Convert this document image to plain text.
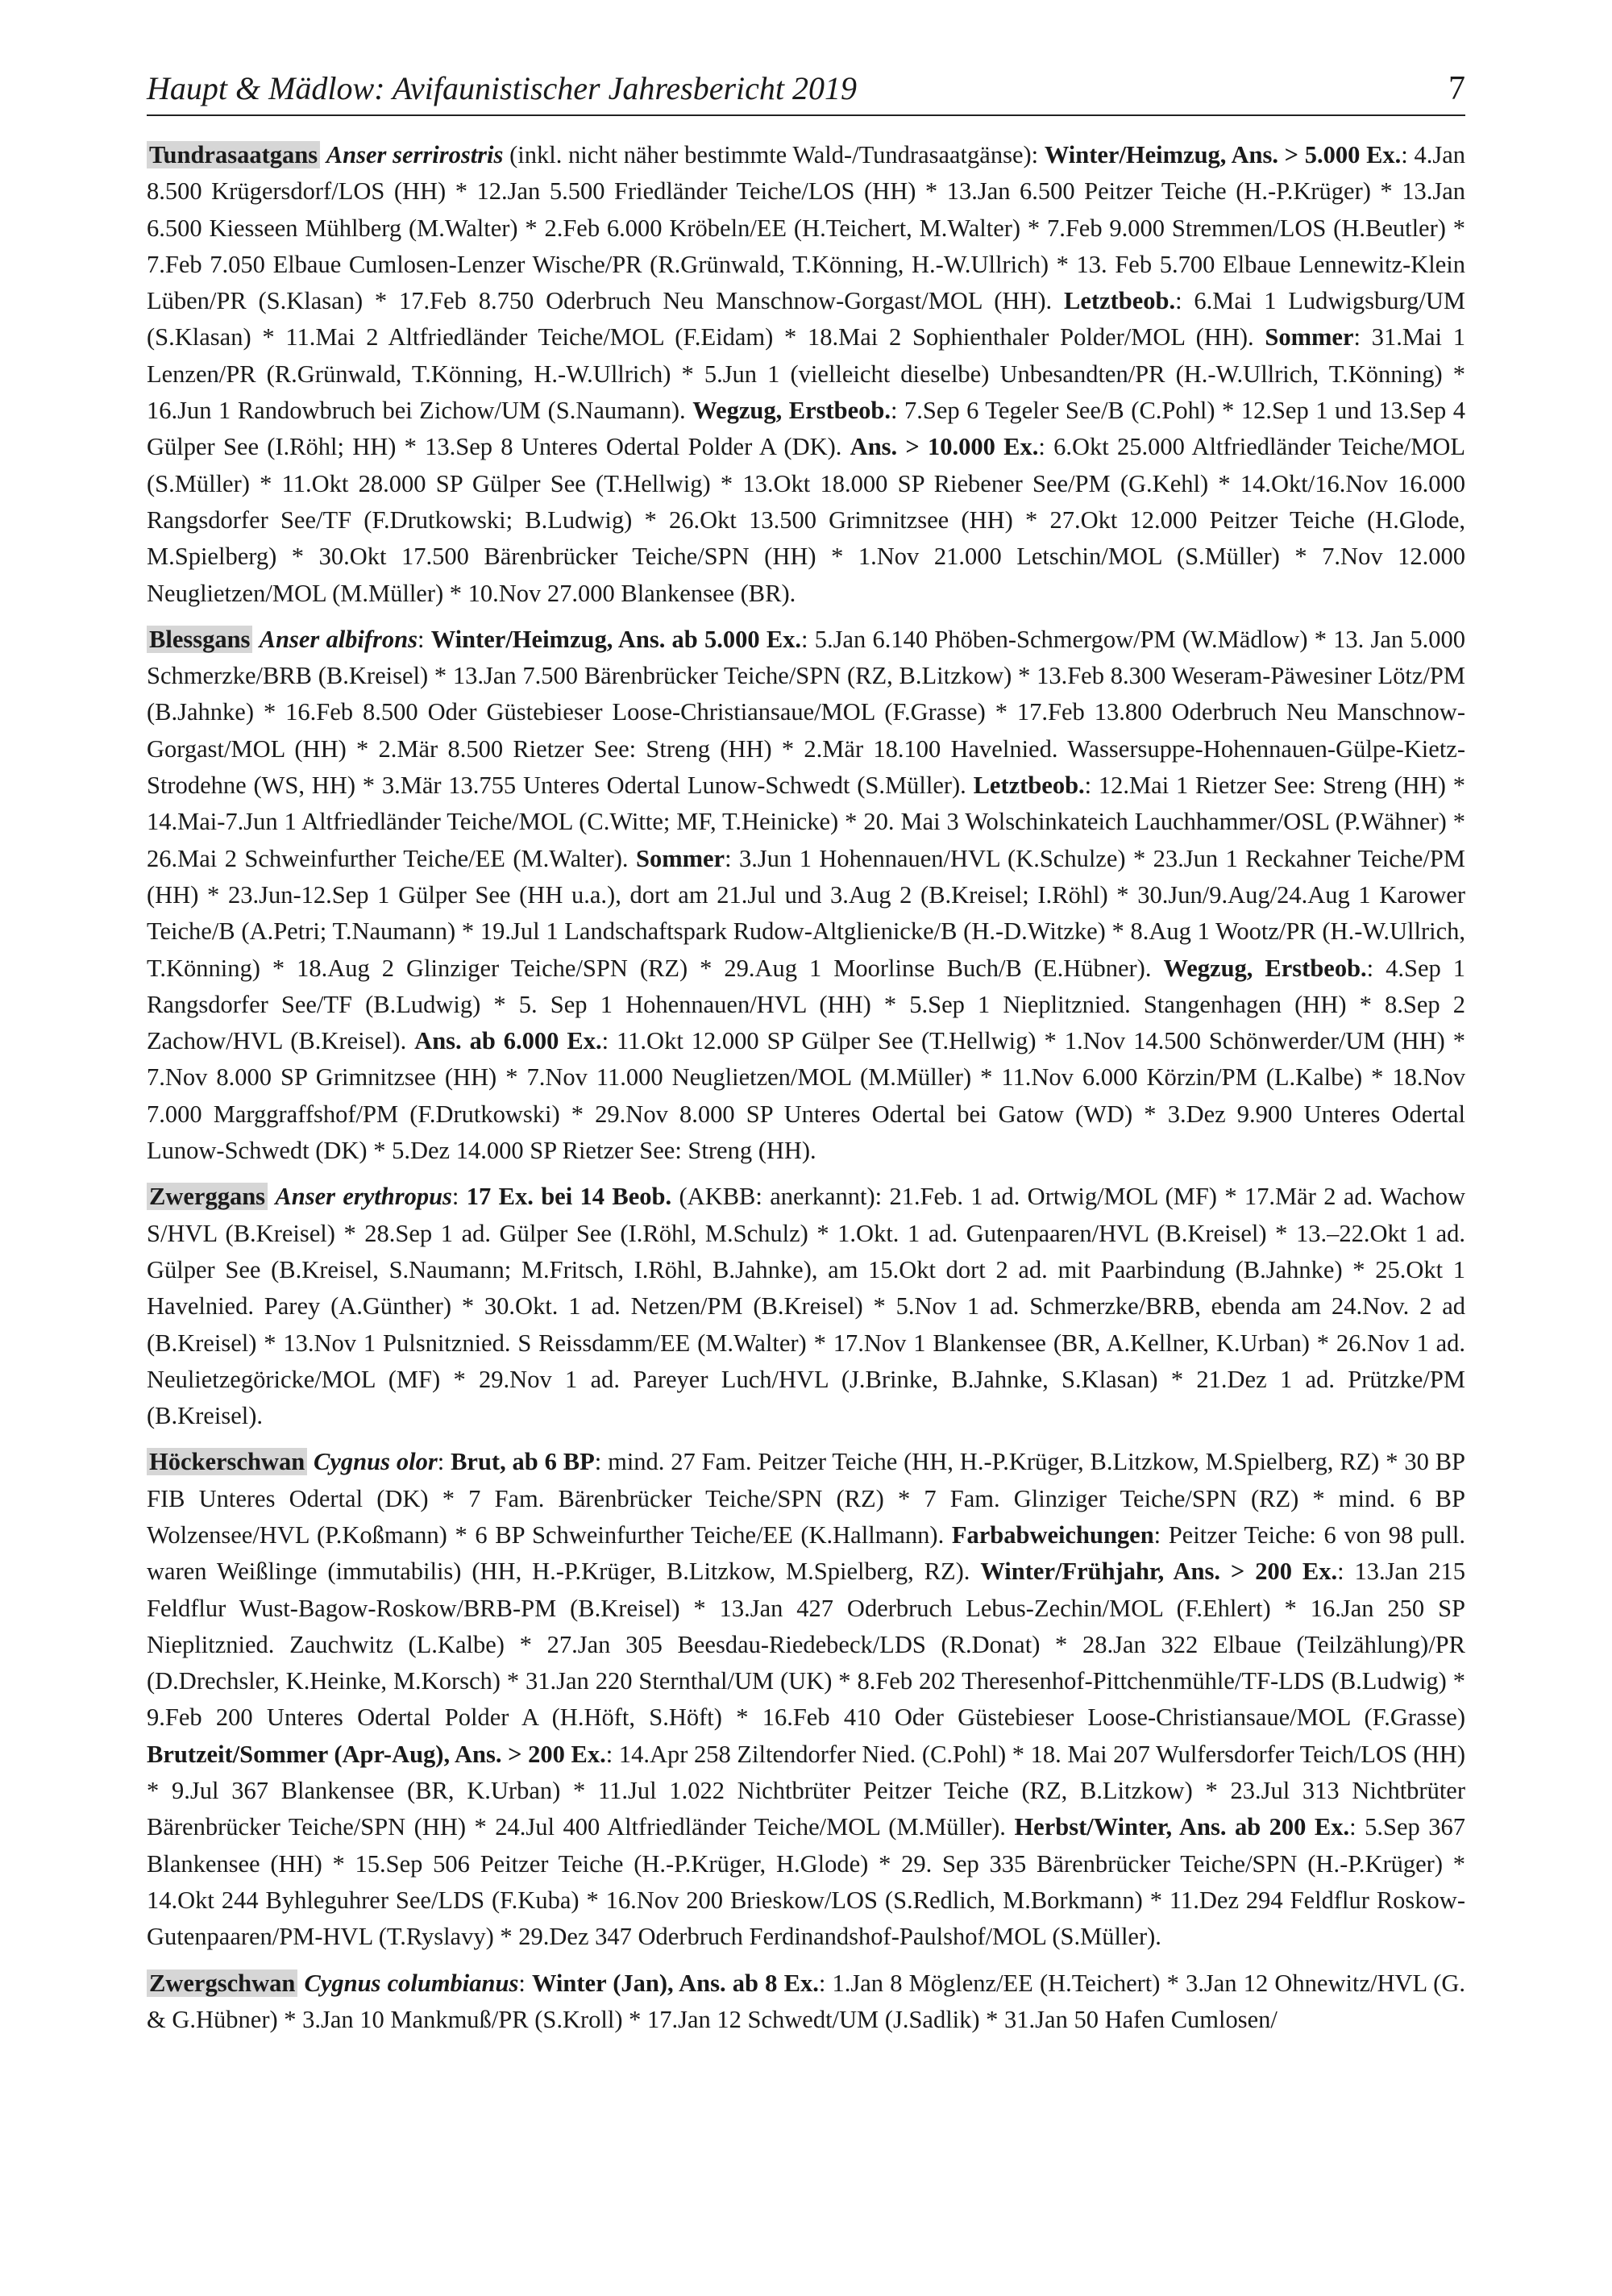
Haupt & Mädlow: Avifaunistischer Jahresbericht 2019	7

Tundrasaatgans Anser serrirostris (inkl. nicht näher bestimmte Wald-/Tundrasaatgänse): Winter/Heimzug, Ans. > 5.000 Ex.: 4.Jan 8.500 Krügersdorf/LOS (HH) * 12.Jan 5.500 Friedländer Teiche/LOS (HH) * 13.Jan 6.500 Peitzer Teiche (H.-P.Krüger) * 13.Jan 6.500 Kiesseen Mühlberg (M.Walter) * 2.Feb 6.000 Kröbeln/EE (H.Teichert, M.Walter) * 7.Feb 9.000 Stremmen/LOS (H.Beutler) * 7.Feb 7.050 Elbaue Cumlosen-Lenzer Wische/PR (R.Grünwald, T.Könning, H.-W.Ullrich) * 13. Feb 5.700 Elbaue Lennewitz-Klein Lüben/PR (S.Klasan) * 17.Feb 8.750 Oderbruch Neu Manschnow-Gorgast/MOL (HH). Letztbeob.: 6.Mai 1 Ludwigsburg/UM (S.Klasan) * 11.Mai 2 Altfriedländer Teiche/MOL (F.Eidam) * 18.Mai 2 Sophienthaler Polder/MOL (HH). Sommer: 31.Mai 1 Lenzen/PR (R.Grünwald, T.Könning, H.-W.Ullrich) * 5.Jun 1 (vielleicht dieselbe) Unbesandten/PR (H.-W.Ullrich, T.Könning) * 16.Jun 1 Randowbruch bei Zichow/UM (S.Naumann). Wegzug, Erstbeob.: 7.Sep 6 Tegeler See/B (C.Pohl) * 12.Sep 1 und 13.Sep 4 Gülper See (I.Röhl; HH) * 13.Sep 8 Unteres Odertal Polder A (DK). Ans. > 10.000 Ex.: 6.Okt 25.000 Altfriedländer Teiche/MOL (S.Müller) * 11.Okt 28.000 SP Gülper See (T.Hellwig) * 13.Okt 18.000 SP Riebener See/PM (G.Kehl) * 14.Okt/16.Nov 16.000 Rangsdorfer See/TF (F.Drutkowski; B.Ludwig) * 26.Okt 13.500 Grimnitzsee (HH) * 27.Okt 12.000 Peitzer Teiche (H.Glode, M.Spielberg) * 30.Okt 17.500 Bärenbrücker Teiche/SPN (HH) * 1.Nov 21.000 Letschin/MOL (S.Müller) * 7.Nov 12.000 Neuglietzen/MOL (M.Müller) * 10.Nov 27.000 Blankensee (BR).

Blessgans Anser albifrons: Winter/Heimzug, Ans. ab 5.000 Ex.: 5.Jan 6.140 Phöben-Schmergow/PM (W.Mädlow) * 13. Jan 5.000 Schmerzke/BRB (B.Kreisel) * 13.Jan 7.500 Bärenbrücker Teiche/SPN (RZ, B.Litzkow) * 13.Feb 8.300 Weseram-Päwesiner Lötz/PM (B.Jahnke) * 16.Feb 8.500 Oder Güstebieser Loose-Christiansaue/MOL (F.Grasse) * 17.Feb 13.800 Oderbruch Neu Manschnow-Gorgast/MOL (HH) * 2.Mär 8.500 Rietzer See: Streng (HH) * 2.Mär 18.100 Havelnied. Wassersuppe-Hohennauen-Gülpe-Kietz-Strodehne (WS, HH) * 3.Mär 13.755 Unteres Odertal Lunow-Schwedt (S.Müller). Letztbeob.: 12.Mai 1 Rietzer See: Streng (HH) * 14.Mai-7.Jun 1 Altfriedländer Teiche/MOL (C.Witte; MF, T.Heinicke) * 20. Mai 3 Wolschinkateich Lauchhammer/OSL (P.Wähner) * 26.Mai 2 Schweinfurther Teiche/EE (M.Walter). Sommer: 3.Jun 1 Hohennauen/HVL (K.Schulze) * 23.Jun 1 Reckahner Teiche/PM (HH) * 23.Jun-12.Sep 1 Gülper See (HH u.a.), dort am 21.Jul und 3.Aug 2 (B.Kreisel; I.Röhl) * 30.Jun/9.Aug/24.Aug 1 Karower Teiche/B (A.Petri; T.Naumann) * 19.Jul 1 Landschaftspark Rudow-Altglienicke/B (H.-D.Witzke) * 8.Aug 1 Wootz/PR (H.-W.Ullrich, T.Könning) * 18.Aug 2 Glinziger Teiche/SPN (RZ) * 29.Aug 1 Moorlinse Buch/B (E.Hübner). Wegzug, Erstbeob.: 4.Sep 1 Rangsdorfer See/TF (B.Ludwig) * 5. Sep 1 Hohennauen/HVL (HH) * 5.Sep 1 Nieplitznied. Stangenhagen (HH) * 8.Sep 2 Zachow/HVL (B.Kreisel). Ans. ab 6.000 Ex.: 11.Okt 12.000 SP Gülper See (T.Hellwig) * 1.Nov 14.500 Schönwerder/UM (HH) * 7.Nov 8.000 SP Grimnitzsee (HH) * 7.Nov 11.000 Neuglietzen/MOL (M.Müller) * 11.Nov 6.000 Körzin/PM (L.Kalbe) * 18.Nov 7.000 Marggraffshof/PM (F.Drutkowski) * 29.Nov 8.000 SP Unteres Odertal bei Gatow (WD) * 3.Dez 9.900 Unteres Odertal Lunow-Schwedt (DK) * 5.Dez 14.000 SP Rietzer See: Streng (HH).

Zwerggans Anser erythropus: 17 Ex. bei 14 Beob. (AKBB: anerkannt): 21.Feb. 1 ad. Ortwig/MOL (MF) * 17.Mär 2 ad. Wachow S/HVL (B.Kreisel) * 28.Sep 1 ad. Gülper See (I.Röhl, M.Schulz) * 1.Okt. 1 ad. Gutenpaaren/HVL (B.Kreisel) * 13.–22.Okt 1 ad. Gülper See (B.Kreisel, S.Naumann; M.Fritsch, I.Röhl, B.Jahnke), am 15.Okt dort 2 ad. mit Paarbindung (B.Jahnke) * 25.Okt 1 Havelnied. Parey (A.Günther) * 30.Okt. 1 ad. Netzen/PM (B.Kreisel) * 5.Nov 1 ad. Schmerzke/BRB, ebenda am 24.Nov. 2 ad (B.Kreisel) * 13.Nov 1 Pulsnitznied. S Reissdamm/EE (M.Walter) * 17.Nov 1 Blankensee (BR, A.Kellner, K.Urban) * 26.Nov 1 ad. Neulietzegöricke/MOL (MF) * 29.Nov 1 ad. Pareyer Luch/HVL (J.Brinke, B.Jahnke, S.Klasan) * 21.Dez 1 ad. Prützke/PM (B.Kreisel).

Höckerschwan Cygnus olor: Brut, ab 6 BP: mind. 27 Fam. Peitzer Teiche (HH, H.-P.Krüger, B.Litzkow, M.Spielberg, RZ) * 30 BP FIB Unteres Odertal (DK) * 7 Fam. Bärenbrücker Teiche/SPN (RZ) * 7 Fam. Glinziger Teiche/SPN (RZ) * mind. 6 BP Wolzensee/HVL (P.Koßmann) * 6 BP Schweinfurther Teiche/EE (K.Hallmann). Farbabweichungen: Peitzer Teiche: 6 von 98 pull. waren Weißlinge (immutabilis) (HH, H.-P.Krüger, B.Litzkow, M.Spielberg, RZ). Winter/Frühjahr, Ans. > 200 Ex.: 13.Jan 215 Feldflur Wust-Bagow-Roskow/BRB-PM (B.Kreisel) * 13.Jan 427 Oderbruch Lebus-Zechin/MOL (F.Ehlert) * 16.Jan 250 SP Nieplitznied. Zauchwitz (L.Kalbe) * 27.Jan 305 Beesdau-Riedebeck/LDS (R.Donat) * 28.Jan 322 Elbaue (Teilzählung)/PR (D.Drechsler, K.Heinke, M.Korsch) * 31.Jan 220 Sternthal/UM (UK) * 8.Feb 202 Theresenhof-Pittchenmühle/TF-LDS (B.Ludwig) * 9.Feb 200 Unteres Odertal Polder A (H.Höft, S.Höft) * 16.Feb 410 Oder Güstebieser Loose-Christiansaue/MOL (F.Grasse) Brutzeit/Sommer (Apr-Aug), Ans. > 200 Ex.: 14.Apr 258 Ziltendorfer Nied. (C.Pohl) * 18. Mai 207 Wulfersdorfer Teich/LOS (HH) * 9.Jul 367 Blankensee (BR, K.Urban) * 11.Jul 1.022 Nichtbrüter Peitzer Teiche (RZ, B.Litzkow) * 23.Jul 313 Nichtbrüter Bärenbrücker Teiche/SPN (HH) * 24.Jul 400 Altfriedländer Teiche/MOL (M.Müller). Herbst/Winter, Ans. ab 200 Ex.: 5.Sep 367 Blankensee (HH) * 15.Sep 506 Peitzer Teiche (H.-P.Krüger, H.Glode) * 29. Sep 335 Bärenbrücker Teiche/SPN (H.-P.Krüger) * 14.Okt 244 Byhleguhrer See/LDS (F.Kuba) * 16.Nov 200 Brieskow/LOS (S.Redlich, M.Borkmann) * 11.Dez 294 Feldflur Roskow-Gutenpaaren/PM-HVL (T.Ryslavy) * 29.Dez 347 Oderbruch Ferdinandshof-Paulshof/MOL (S.Müller).

Zwergschwan Cygnus columbianus: Winter (Jan), Ans. ab 8 Ex.: 1.Jan 8 Möglenz/EE (H.Teichert) * 3.Jan 12 Ohnewitz/HVL (G. & G.Hübner) * 3.Jan 10 Mankmuß/PR (S.Kroll) * 17.Jan 12 Schwedt/UM (J.Sadlik) * 31.Jan 50 Hafen Cumlosen/
